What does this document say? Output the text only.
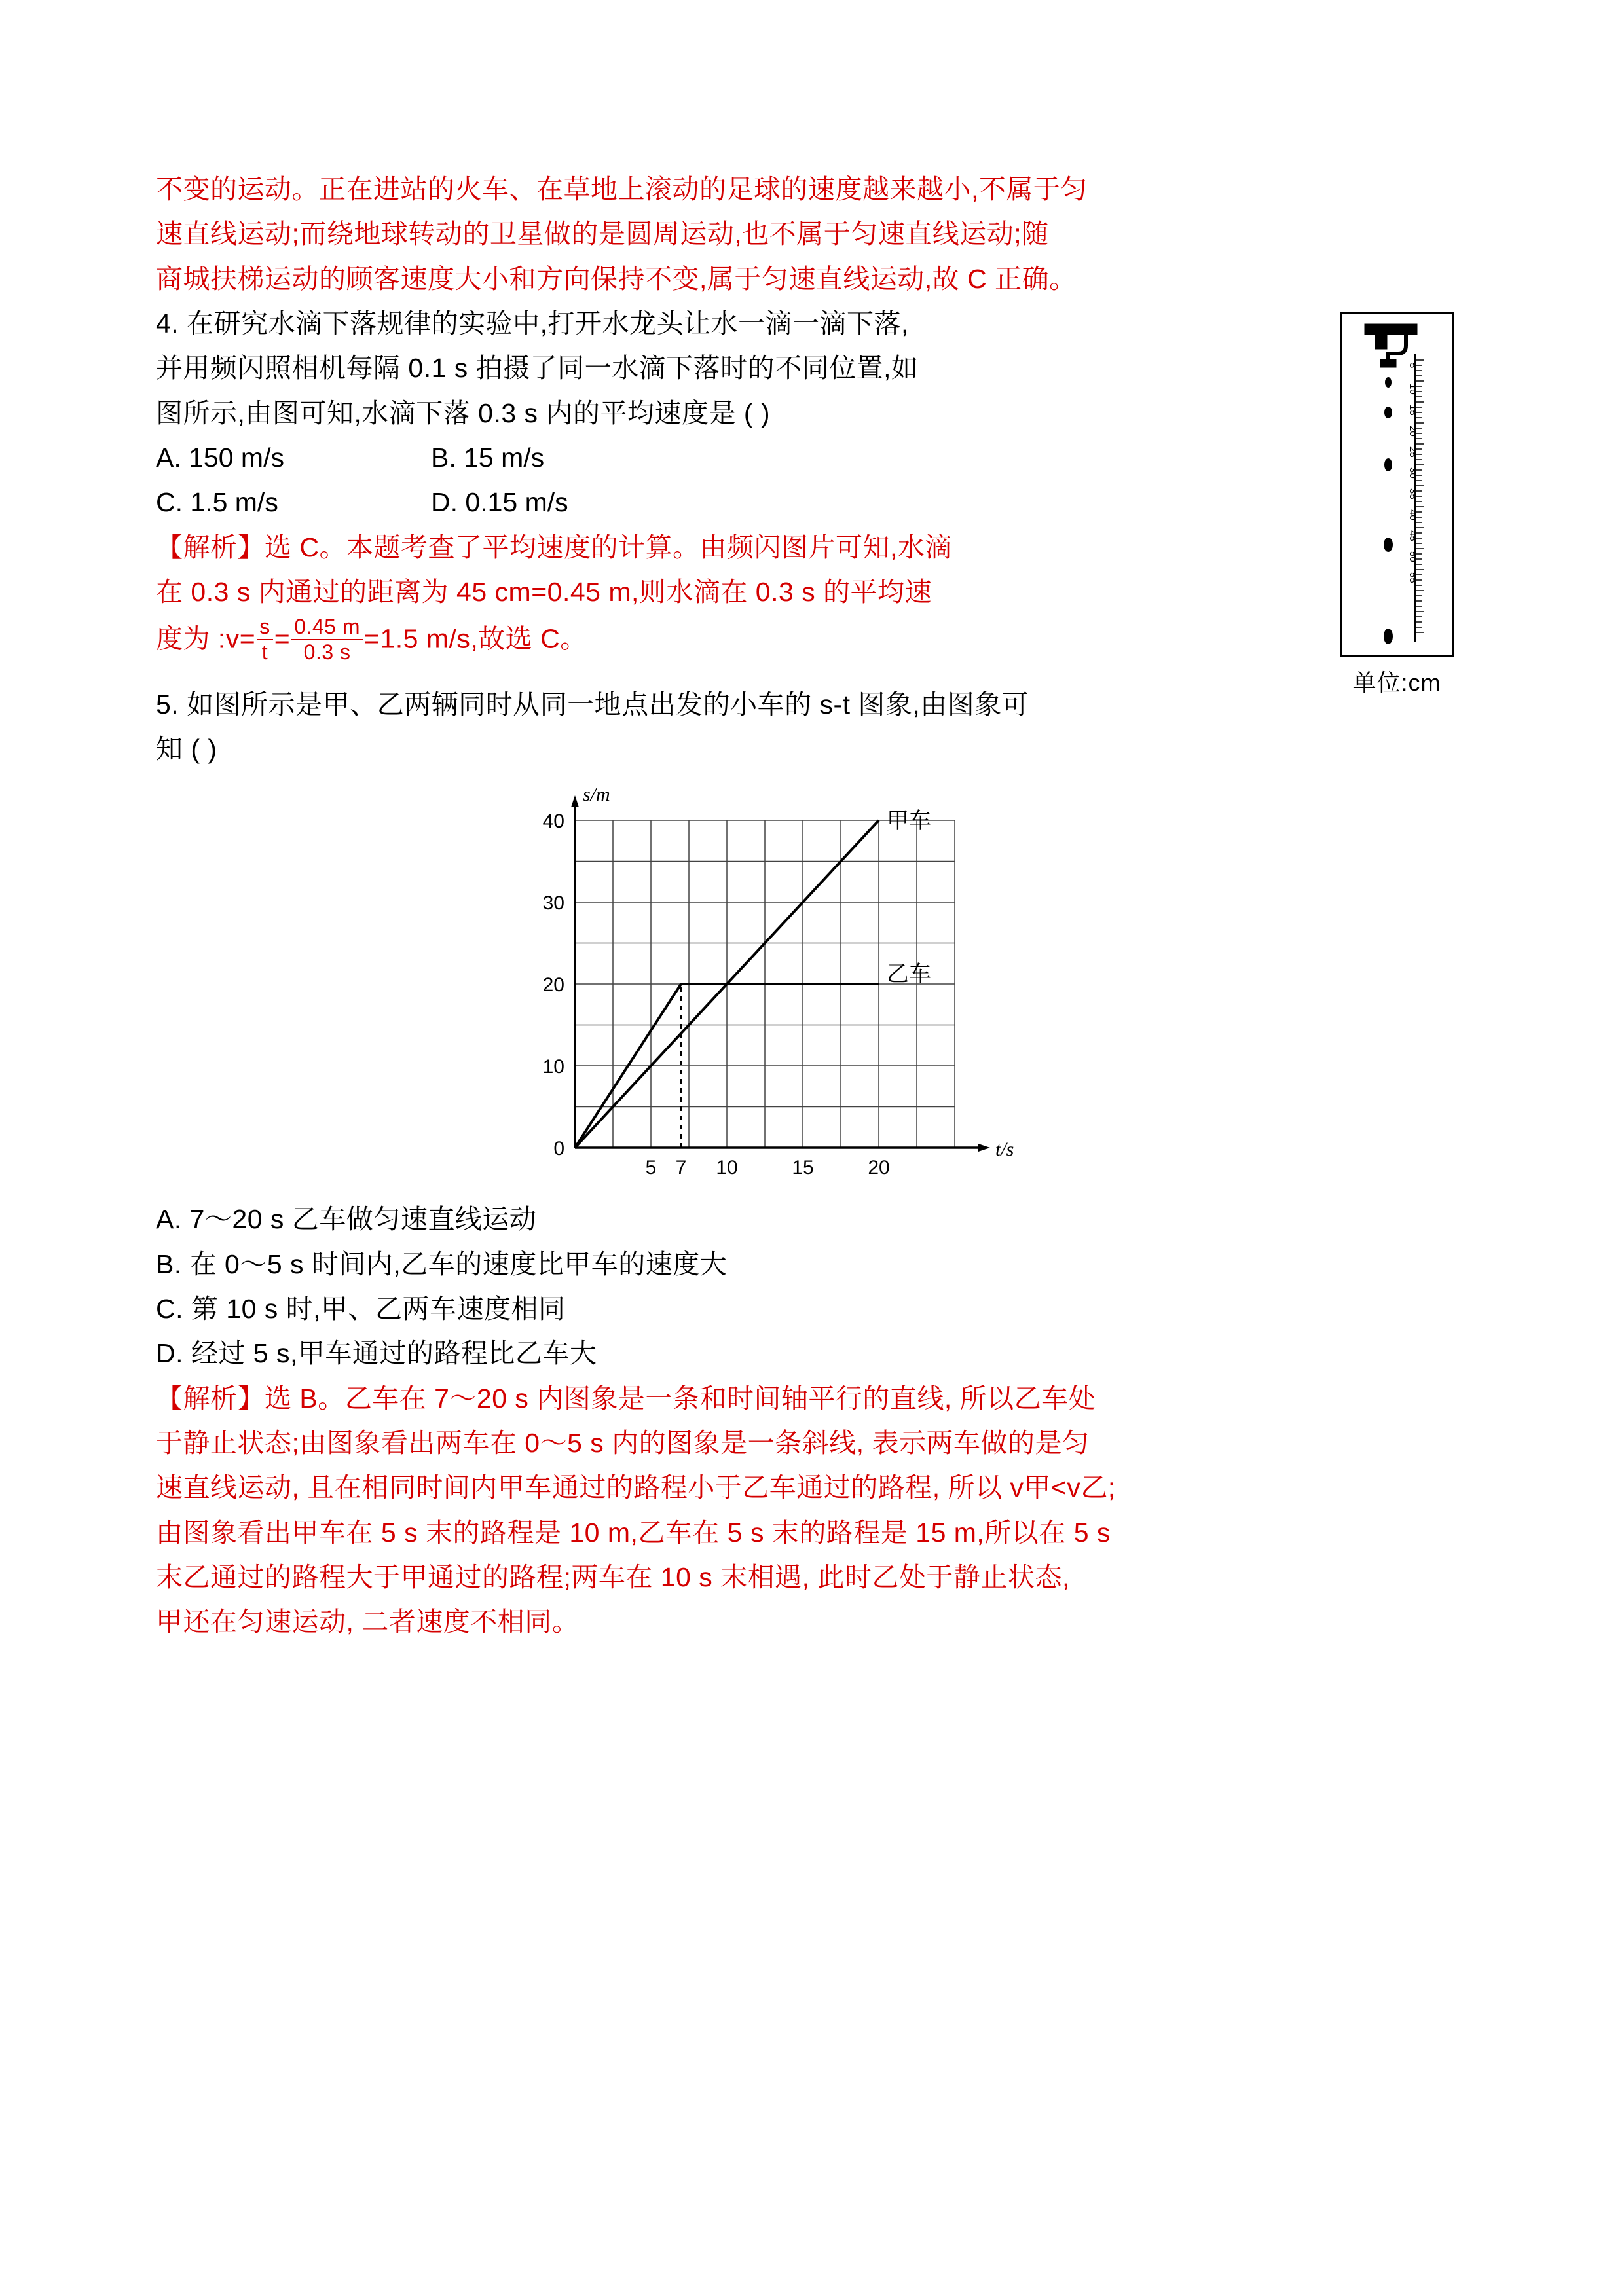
不变的运动。正在进站的火车、在草地上滚动的足球的速度越来越小,不属于匀

速直线运动;而绕地球转动的卫星做的是圆周运动,也不属于匀速直线运动;随

商城扶梯运动的顾客速度大小和方向保持不变,属于匀速直线运动,故 C 正确。

5
10
15
20
25
30
35
40
45
50
55
单位:cm

4. 在研究水滴下落规律的实验中,打开水龙头让水一滴一滴下落,

并用频闪照相机每隔 0.1 s 拍摄了同一水滴下落时的不同位置,如

图所示,由图可知,水滴下落 0.3 s 内的平均速度是 ( )

A. 150 m/s	B. 15 m/s
C. 1.5 m/s	D. 0.15 m/s

【解析】选 C。本题考查了平均速度的计算。由频闪图片可知,水滴

在 0.3 s 内通过的距离为 45 cm=0.45 m,则水滴在 0.3 s 的平均速

度为 :v= $\frac{s}{t} = \frac{0.45 m}{0.3 s} =1.5$ m/s,故选 C。

5. 如图所示是甲、乙两辆同时从同一地点出发的小车的 s-t 图象,由图象可

知 ( )

s/m
t/s
40
30
20
10
0
5 7 10	15	20
甲车
乙车

A. 7～20 s 乙车做匀速直线运动

B. 在 0～5 s 时间内,乙车的速度比甲车的速度大

C. 第 10 s 时,甲、乙两车速度相同

D. 经过 5 s,甲车通过的路程比乙车大

【解析】选 B。乙车在 7～20 s 内图象是一条和时间轴平行的直线, 所以乙车处

于静止状态;由图象看出两车在 0～5 s 内的图象是一条斜线, 表示两车做的是匀

速直线运动, 且在相同时间内甲车通过的路程小于乙车通过的路程, 所以 v甲<v乙;

由图象看出甲车在 5 s 末的路程是 10 m,乙车在 5 s 末的路程是 15 m,所以在 5 s

末乙通过的路程大于甲通过的路程;两车在 10 s 末相遇, 此时乙处于静止状态,

甲还在匀速运动, 二者速度不相同。
